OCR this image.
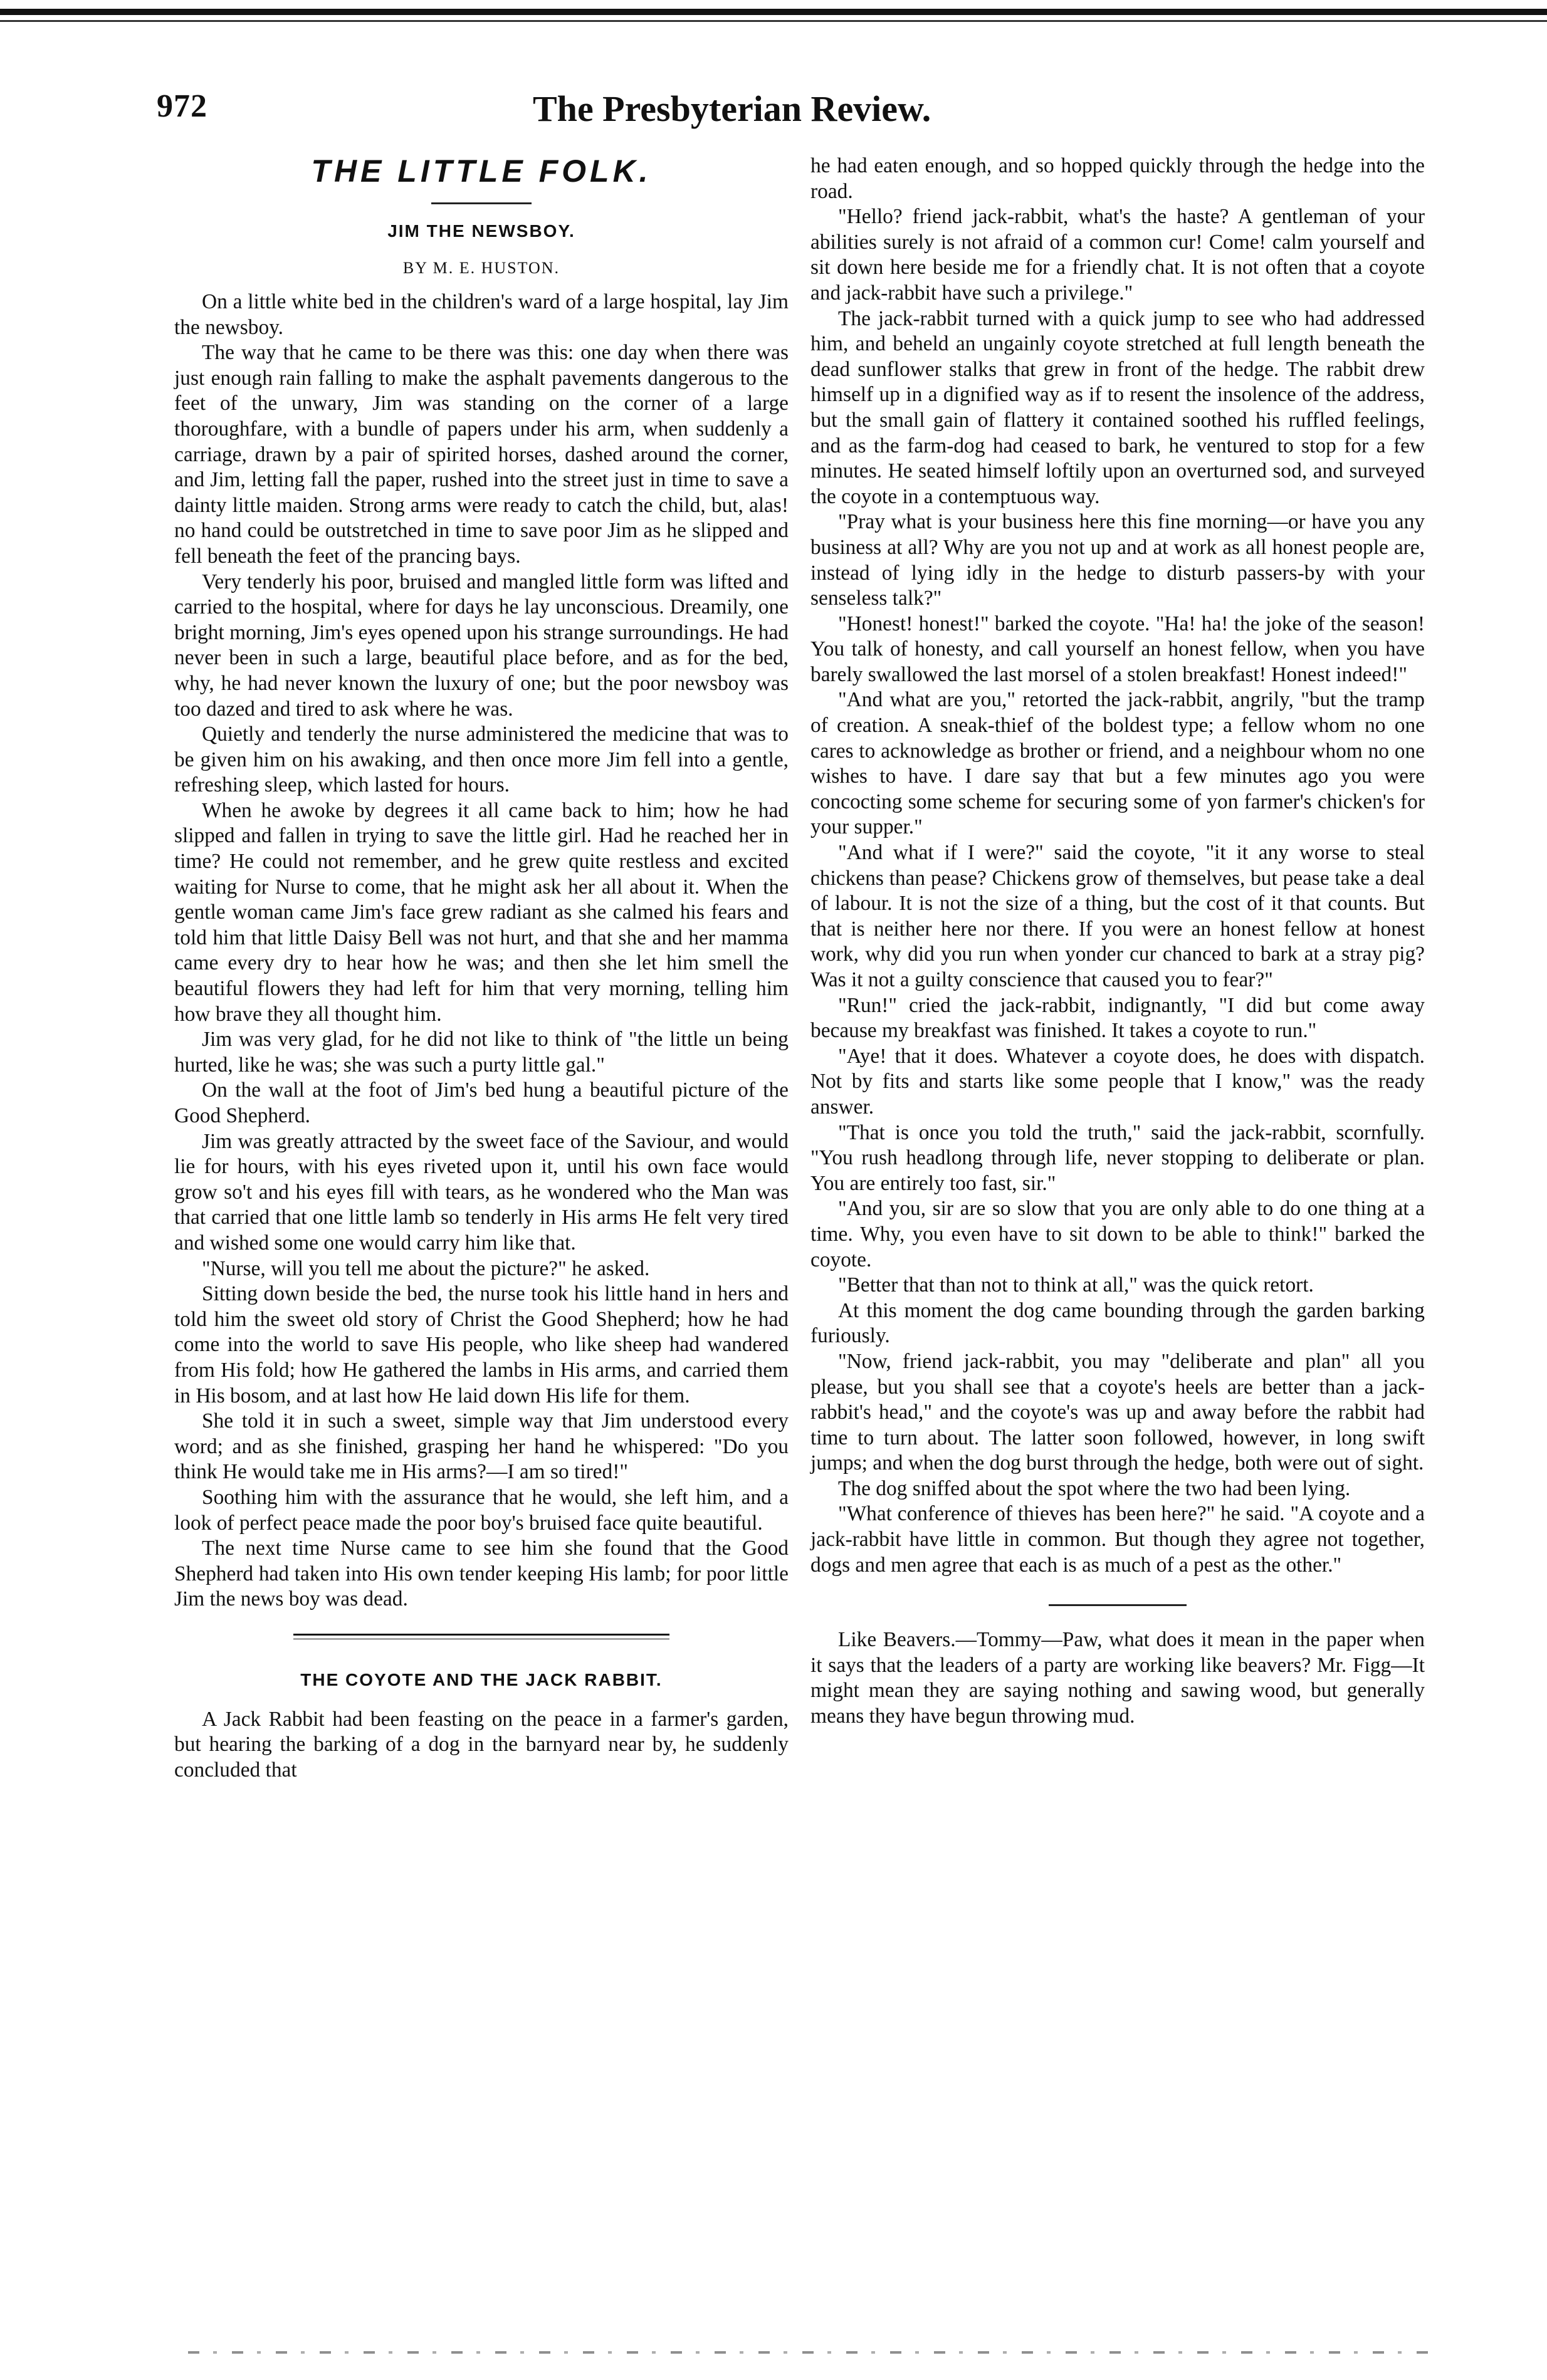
972	The Presbyterian Review.
THE LITTLE FOLK.
JIM THE NEWSBOY.
BY M. E. HUSTON.

On a little white bed in the children's ward of a large hospital, lay Jim the newsboy.

The way that he came to be there was this: one day when there was just enough rain falling to make the asphalt pavements dangerous to the feet of the unwary, Jim was standing on the corner of a large thoroughfare, with a bundle of papers under his arm, when suddenly a carriage, drawn by a pair of spirited horses, dashed around the corner, and Jim, letting fall the paper, rushed into the street just in time to save a dainty little maiden. Strong arms were ready to catch the child, but, alas! no hand could be outstretched in time to save poor Jim as he slipped and fell beneath the feet of the prancing bays.

Very tenderly his poor, bruised and mangled little form was lifted and carried to the hospital, where for days he lay unconscious. Dreamily, one bright morning, Jim's eyes opened upon his strange surroundings. He had never been in such a large, beautiful place before, and as for the bed, why, he had never known the luxury of one; but the poor newsboy was too dazed and tired to ask where he was.

Quietly and tenderly the nurse administered the medicine that was to be given him on his awaking, and then once more Jim fell into a gentle, refreshing sleep, which lasted for hours.

When he awoke by degrees it all came back to him; how he had slipped and fallen in trying to save the little girl. Had he reached her in time? He could not remember, and he grew quite restless and excited waiting for Nurse to come, that he might ask her all about it. When the gentle woman came Jim's face grew radiant as she calmed his fears and told him that little Daisy Bell was not hurt, and that she and her mamma came every dry to hear how he was; and then she let him smell the beautiful flowers they had left for him that very morning, telling him how brave they all thought him.

Jim was very glad, for he did not like to think of "the little un being hurted, like he was; she was such a purty little gal."

On the wall at the foot of Jim's bed hung a beautiful picture of the Good Shepherd.

Jim was greatly attracted by the sweet face of the Saviour, and would lie for hours, with his eyes riveted upon it, until his own face would grow so't and his eyes fill with tears, as he wondered who the Man was that carried that one little lamb so tenderly in His arms He felt very tired and wished some one would carry him like that.

"Nurse, will you tell me about the picture?" he asked.

Sitting down beside the bed, the nurse took his little hand in hers and told him the sweet old story of Christ the Good Shepherd; how he had come into the world to save His people, who like sheep had wandered from His fold; how He gathered the lambs in His arms, and carried them in His bosom, and at last how He laid down His life for them.

She told it in such a sweet, simple way that Jim understood every word; and as she finished, grasping her hand he whispered: "Do you think He would take me in His arms?—I am so tired!"

Soothing him with the assurance that he would, she left him, and a look of perfect peace made the poor boy's bruised face quite beautiful.

The next time Nurse came to see him she found that the Good Shepherd had taken into His own tender keeping His lamb; for poor little Jim the news boy was dead.

THE COYOTE AND THE JACK RABBIT.

A Jack Rabbit had been feasting on the peace in a farmer's garden, but hearing the barking of a dog in the barnyard near by, he suddenly concluded that

he had eaten enough, and so hopped quickly through the hedge into the road.

"Hello? friend jack-rabbit, what's the haste? A gentleman of your abilities surely is not afraid of a common cur! Come! calm yourself and sit down here beside me for a friendly chat. It is not often that a coyote and jack-rabbit have such a privilege."

The jack-rabbit turned with a quick jump to see who had addressed him, and beheld an ungainly coyote stretched at full length beneath the dead sunflower stalks that grew in front of the hedge. The rabbit drew himself up in a dignified way as if to resent the insolence of the address, but the small gain of flattery it contained soothed his ruffled feelings, and as the farm-dog had ceased to bark, he ventured to stop for a few minutes. He seated himself loftily upon an overturned sod, and surveyed the coyote in a contemptuous way.

"Pray what is your business here this fine morning—or have you any business at all? Why are you not up and at work as all honest people are, instead of lying idly in the hedge to disturb passers-by with your senseless talk?"

"Honest! honest!" barked the coyote. "Ha! ha! the joke of the season! You talk of honesty, and call yourself an honest fellow, when you have barely swallowed the last morsel of a stolen breakfast! Honest indeed!"

"And what are you," retorted the jack-rabbit, angrily, "but the tramp of creation. A sneak-thief of the boldest type; a fellow whom no one cares to acknowledge as brother or friend, and a neighbour whom no one wishes to have. I dare say that but a few minutes ago you were concocting some scheme for securing some of yon farmer's chicken's for your supper."

"And what if I were?" said the coyote, "it it any worse to steal chickens than pease? Chickens grow of themselves, but pease take a deal of labour. It is not the size of a thing, but the cost of it that counts. But that is neither here nor there. If you were an honest fellow at honest work, why did you run when yonder cur chanced to bark at a stray pig? Was it not a guilty conscience that caused you to fear?"

"Run!" cried the jack-rabbit, indignantly, "I did but come away because my breakfast was finished. It takes a coyote to run."

"Aye! that it does. Whatever a coyote does, he does with dispatch. Not by fits and starts like some people that I know," was the ready answer.

"That is once you told the truth," said the jack-rabbit, scornfully. "You rush headlong through life, never stopping to deliberate or plan. You are entirely too fast, sir."

"And you, sir are so slow that you are only able to do one thing at a time. Why, you even have to sit down to be able to think!" barked the coyote.

"Better that than not to think at all," was the quick retort.

At this moment the dog came bounding through the garden barking furiously.

"Now, friend jack-rabbit, you may "deliberate and plan" all you please, but you shall see that a coyote's heels are better than a jack-rabbit's head," and the coyote's was up and away before the rabbit had time to turn about. The latter soon followed, however, in long swift jumps; and when the dog burst through the hedge, both were out of sight.

The dog sniffed about the spot where the two had been lying.

"What conference of thieves has been here?" he said. "A coyote and a jack-rabbit have little in common. But though they agree not together, dogs and men agree that each is as much of a pest as the other."

Like Beavers.—Tommy—Paw, what does it mean in the paper when it says that the leaders of a party are working like beavers? Mr. Figg—It might mean they are saying nothing and sawing wood, but generally means they have begun throwing mud.
